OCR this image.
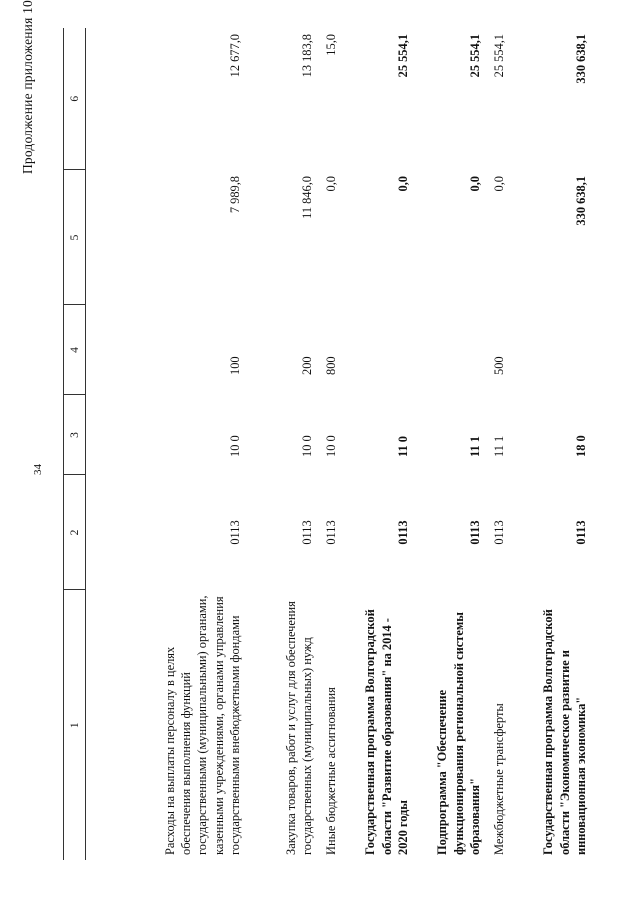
Продолжение приложения 10
34
1	2	3	4	5	6
Расходы на выплаты персоналу в целях обеспечения выполнения функций государственными (муниципальными) органами, казенными учреждениями, органами управления государственными внебюджетными фондами	0113	10 0	100	7 989,8	12 677,0
Закупка товаров, работ и услуг для обеспечения государственных (муниципальных) нужд	0113	10 0	200	11 846,0	13 183,8
Иные бюджетные ассигнования	0113	10 0	800	0,0	15,0
Государственная программа Волгоградской области "Развитие образования" на 2014 - 2020 годы	0113	11 0		0,0	25 554,1
Подпрограмма "Обеспечение функционирования региональной системы образования"	0113	11 1		0,0	25 554,1
Межбюджетные трансферты	0113	11 1	500	0,0	25 554,1
Государственная программа Волгоградской области "Экономическое развитие и инновационная экономика"	0113	18 0		330 638,1	330 638,1
